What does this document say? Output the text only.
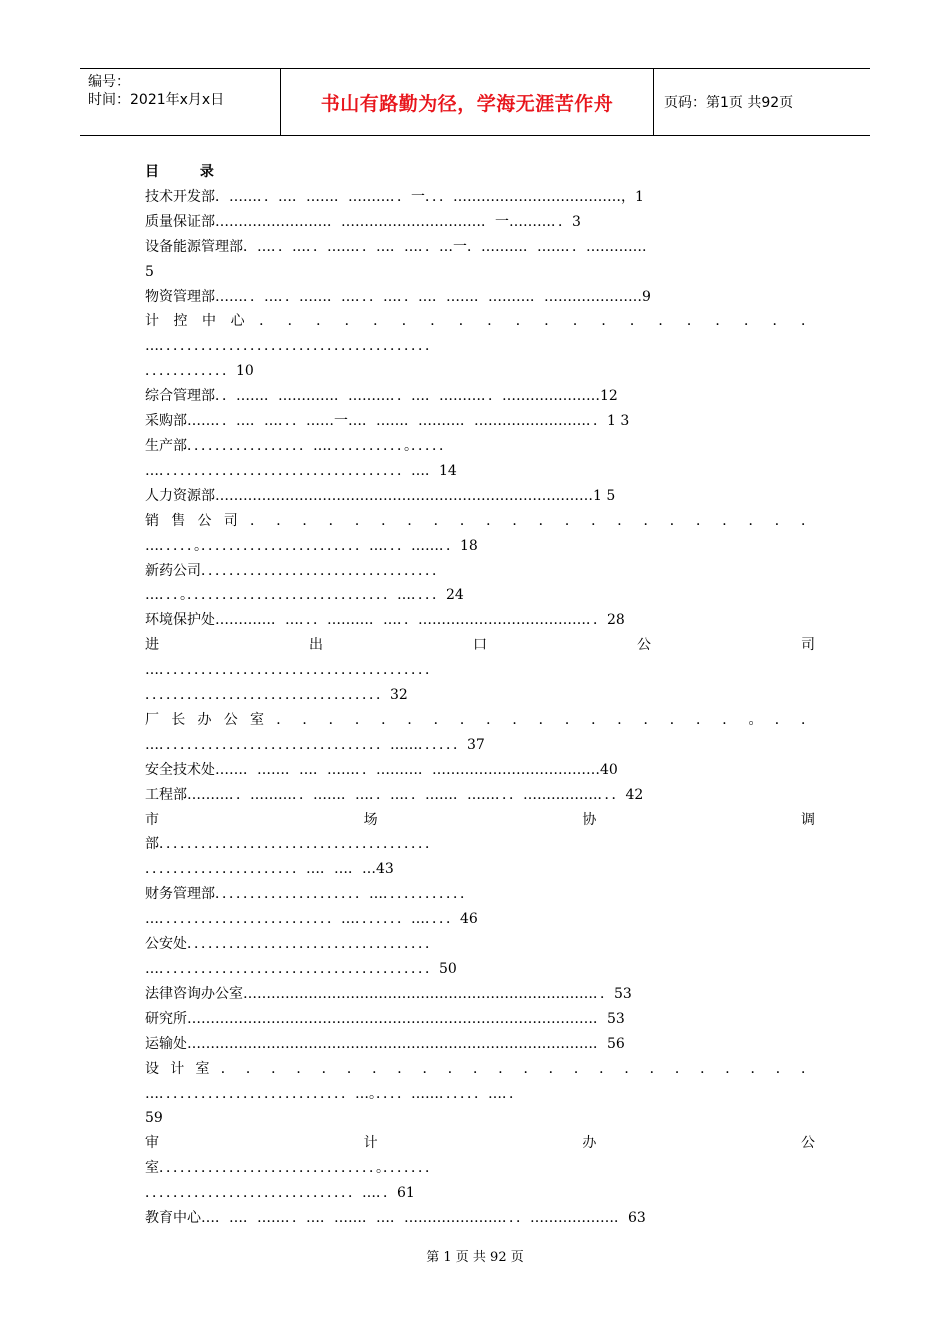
编号：
时间：2021年x月x日	书山有路勤为径，学海无涯苦作舟	页码：第1页 共92页
目 录
技术开发部．……．．…．……．………．．一．．．………………………………，1
质量保证部……………………．…………………………．一………．．3
设备能源管理部．…．．…．．……．．…．…．．…一．………．……．．………….
5
物资管理部……．．…．．……．…．．．…．．…．……．………．…………………9
计 控 中 心 ． ． ． ． ． ． ． ． ． ． ． ． ． ． ． ． ． ． ． ．
…．．．．．．．．．．．．．．．．．．．．．．．．．．．．．．．．．．．．．．．
．．．．．．．．．．．．10
综合管理部．．……．…………．………．．…．………．．…………………12
采购部……．．…．…．．．……一…．……．………．……………………．．1 3
生产部．．．．．．．．．．．．．．．．．…．．．．．．．．．．．。．．．．．
…．．．．．．．．．．．．．．．．．．．．．．．．．．．．．．．．．．．…．14
人力资源部………………………………………………………………………1 5
销 售 公 司 ． ． ． ． ． ． ． ． ． ． ． ． ． ． ． ． ． ． ． ． ． ．
…．．．．．。．．．．．．．．．．．．．．．．．．．．．．．…．．．……．．18
新药公司．．．．．．．．．．．．．．．．．．．．．．．．．．．．．．．．．．
…．．．。．．．．．．．．．．．．．．．．．．．．．．．．．．．．．…．．．．24
环境保护处…………．…．．．………．…．．………………………………．．28
进 出 口 公 司
…．．．．．．．．．．．．．．．．．．．．．．．．．．．．．．．．．．．．．．．
．．．．．．．．．．．．．．．．．．．．．．．．．．．．．．．．．．32
厂 长 办 公 室 ． ． ． ． ． ． ． ． ． ． ． ． ． ． ． ． ． ． 。 ． ．
…．．．．．．．．．．．．．．．．．．．．．．．．．．．．．．．．……．．．．．．37
安全技术处……．……．…．……．．………．………………………………40
工程部………．．………．．……．…．．…．．……．……．．．…………….．．．42
市 场 协 调
部．．．．．．．．．．．．．．．．．．．．．．．．．．．．．．．．．．．．．．．
．．．．．．．．．．．．．．．．．．．．．．…．…．…43
财务管理部．．．．．．．．．．．．．．．．．．．．．…．．．．．．．．．．．．
…．．．．．．．．．．．．．．．．．．．．．．．．．…．．．．．．．…．．．．46
公安处．．．．．．．．．．．．．．．．．．．．．．．．．．．．．．．．．．．
…．．．．．．．．．．．．．．．．．．．．．．．．．．．．．．．．．．．．．．．50
法律咨询办公室…………………………………………………………………．．53
研究所……………………………………………………………………………．53
运输处……………………………………………………………………………．56
设 计 室 ． ． ． ． ． ． ． ． ． ． ． ． ． ． ． ． ． ． ． ． ． ． ． ．
…．．．．．．．．．．．．．．．．．．．．．．．．．．．…。．．．．……．．．．．．…．．
59
审 计 办 公
室．．．．．．．．．．．．．．．．．．．．．．．．．．．．．．．。．．．．．．．
．．．．．．．．．．．．．．．．．．．．．．．．．．．．．．…．．61
教育中心…．…．……．．…．……．…．…………………．．．………………．63
第 1 页 共 92 页
